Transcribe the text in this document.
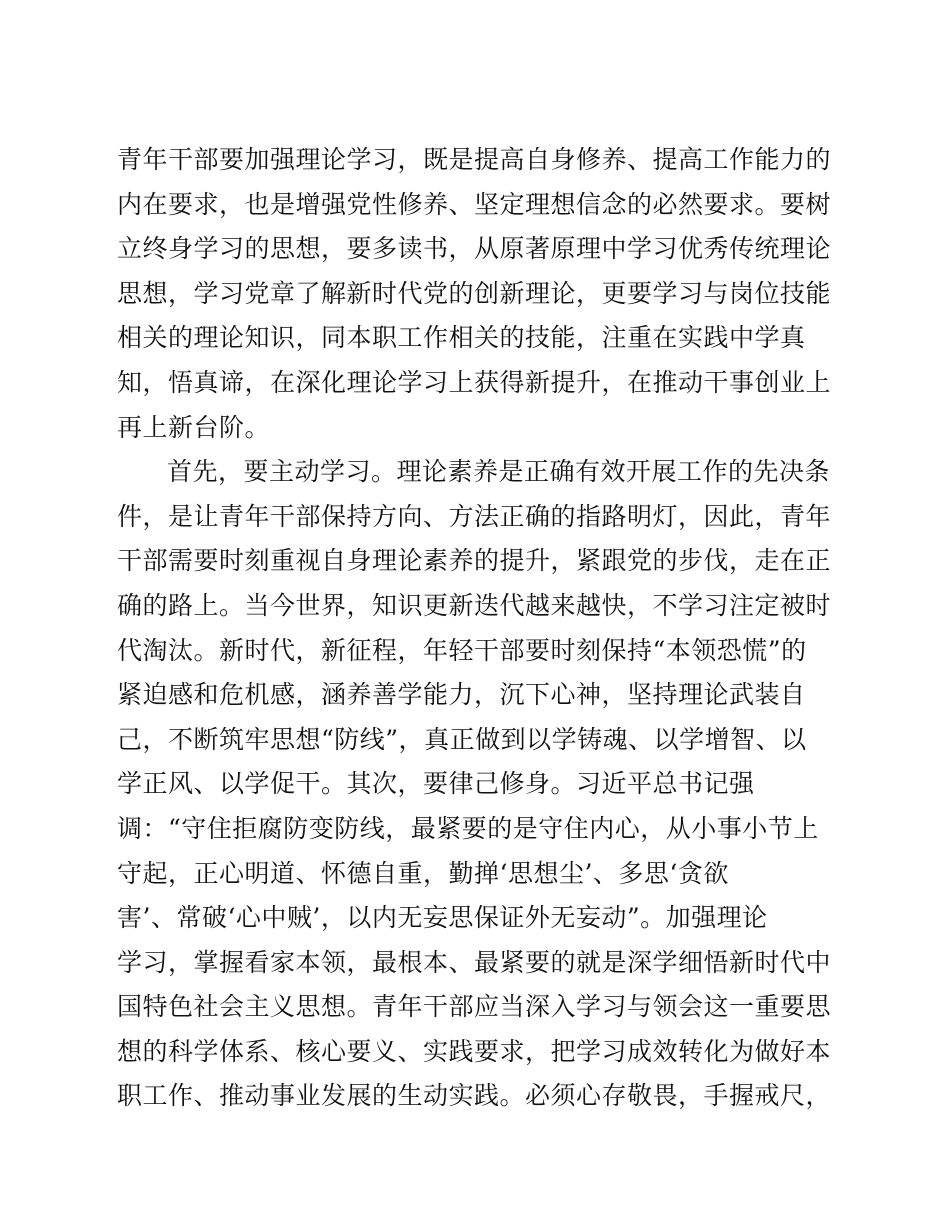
青年干部要加强理论学习，既是提高自身修养、提高工作能力的
内在要求，也是增强党性修养、坚定理想信念的必然要求。要树
立终身学习的思想，要多读书，从原著原理中学习优秀传统理论
思想，学习党章了解新时代党的创新理论，更要学习与岗位技能
相关的理论知识，同本职工作相关的技能，注重在实践中学真
知，悟真谛，在深化理论学习上获得新提升，在推动干事创业上
再上新台阶。
首先，要主动学习。理论素养是正确有效开展工作的先决条
件，是让青年干部保持方向、方法正确的指路明灯，因此，青年
干部需要时刻重视自身理论素养的提升，紧跟党的步伐，走在正
确的路上。当今世界，知识更新迭代越来越快，不学习注定被时
代淘汰。新时代，新征程，年轻干部要时刻保持“本领恐慌”的
紧迫感和危机感，涵养善学能力，沉下心神，坚持理论武装自
己，不断筑牢思想“防线”，真正做到以学铸魂、以学增智、以
学正风、以学促干。其次，要律己修身。习近平总书记强
调：“守住拒腐防变防线，最紧要的是守住内心，从小事小节上
守起，正心明道、怀德自重，勤掸‘思想尘’、多思‘贪欲
害’、常破‘心中贼’，以内无妄思保证外无妄动”。加强理论
学习，掌握看家本领，最根本、最紧要的就是深学细悟新时代中
国特色社会主义思想。青年干部应当深入学习与领会这一重要思
想的科学体系、核心要义、实践要求，把学习成效转化为做好本
职工作、推动事业发展的生动实践。必须心存敬畏，手握戒尺，
